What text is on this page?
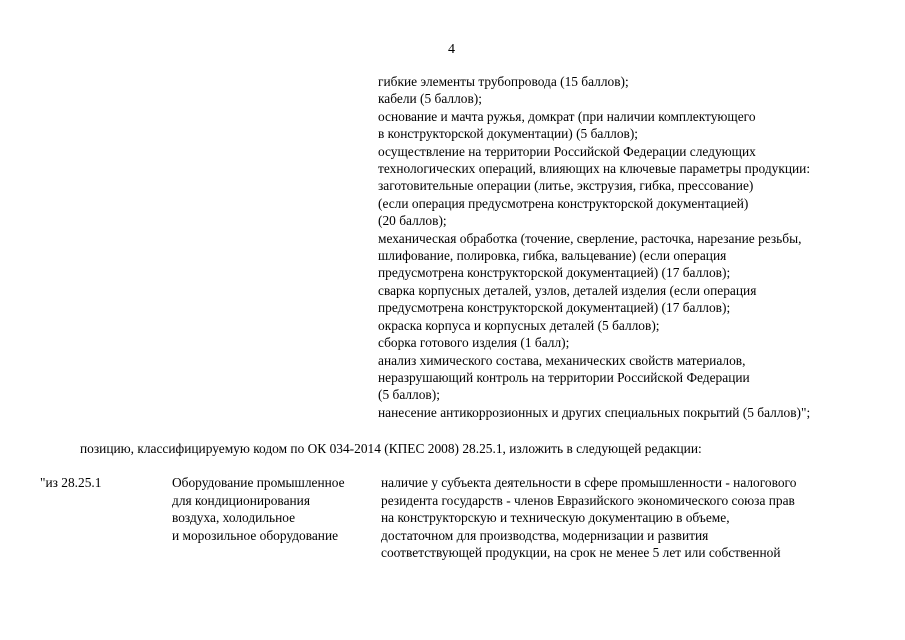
4
гибкие элементы трубопровода (15 баллов);
кабели (5 баллов);
основание и мачта ружья, домкрат (при наличии комплектующего
в конструкторской документации) (5 баллов);
осуществление на территории Российской Федерации следующих
технологических операций, влияющих на ключевые параметры продукции:
заготовительные операции (литье, экструзия, гибка, прессование)
(если операция предусмотрена конструкторской документацией)
(20 баллов);
механическая обработка (точение, сверление, расточка, нарезание резьбы,
шлифование, полировка, гибка, вальцевание) (если операция
предусмотрена конструкторской документацией) (17 баллов);
сварка корпусных деталей, узлов, деталей изделия (если операция
предусмотрена конструкторской документацией) (17 баллов);
окраска корпуса и корпусных деталей (5 баллов);
сборка готового изделия (1 балл);
анализ химического состава, механических свойств материалов,
неразрушающий контроль на территории Российской Федерации
(5 баллов);
нанесение антикоррозионных и других специальных покрытий (5 баллов)";
позицию, классифицируемую кодом по ОК 034-2014 (КПЕС 2008) 28.25.1, изложить в следующей редакции:
"из 28.25.1	Оборудование промышленное
для кондиционирования
воздуха, холодильное
и морозильное оборудование
наличие у субъекта деятельности в сфере промышленности - налогового
резидента государств - членов Евразийского экономического союза прав
на конструкторскую и техническую документацию в объеме,
достаточном для производства, модернизации и развития
соответствующей продукции, на срок не менее 5 лет или собственной
